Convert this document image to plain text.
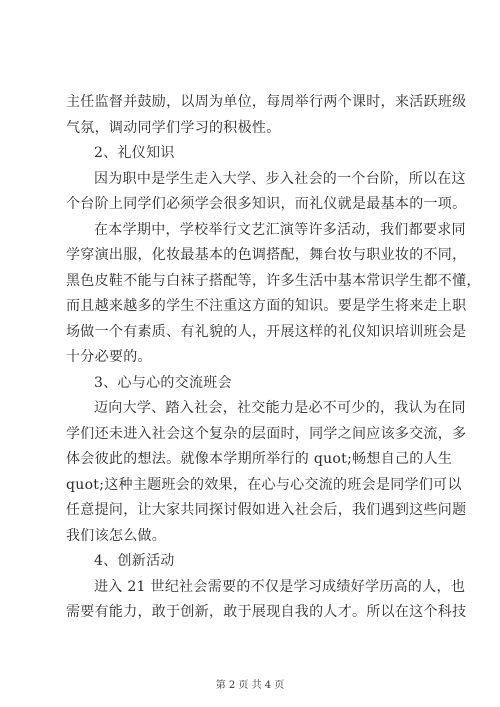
主任监督并鼓励，以周为单位，每周举行两个课时，来活跃班级
气氛，调动同学们学习的积极性。
2、礼仪知识
因为职中是学生走入大学、步入社会的一个台阶，所以在这
个台阶上同学们必须学会很多知识，而礼仪就是最基本的一项。
在本学期中，学校举行文艺汇演等许多活动，我们都要求同
学穿演出服，化妆最基本的色调搭配，舞台妆与职业妆的不同，
黑色皮鞋不能与白袜子搭配等，许多生活中基本常识学生都不懂，
而且越来越多的学生不注重这方面的知识。要是学生将来走上职
场做一个有素质、有礼貌的人，开展这样的礼仪知识培训班会是
十分必要的。
3、心与心的交流班会
迈向大学、踏入社会，社交能力是必不可少的，我认为在同
学们还未进入社会这个复杂的层面时，同学之间应该多交流，多
体会彼此的想法。就像本学期所举行的 quot;畅想自己的人生
quot;这种主题班会的效果，在心与心交流的班会是同学们可以
任意提问，让大家共同探讨假如进入社会后，我们遇到这些问题
我们该怎么做。
4、创新活动
进入 21 世纪社会需要的不仅是学习成绩好学历高的人，也
需要有能力，敢于创新，敢于展现自我的人才。所以在这个科技
第 2 页 共 4 页
